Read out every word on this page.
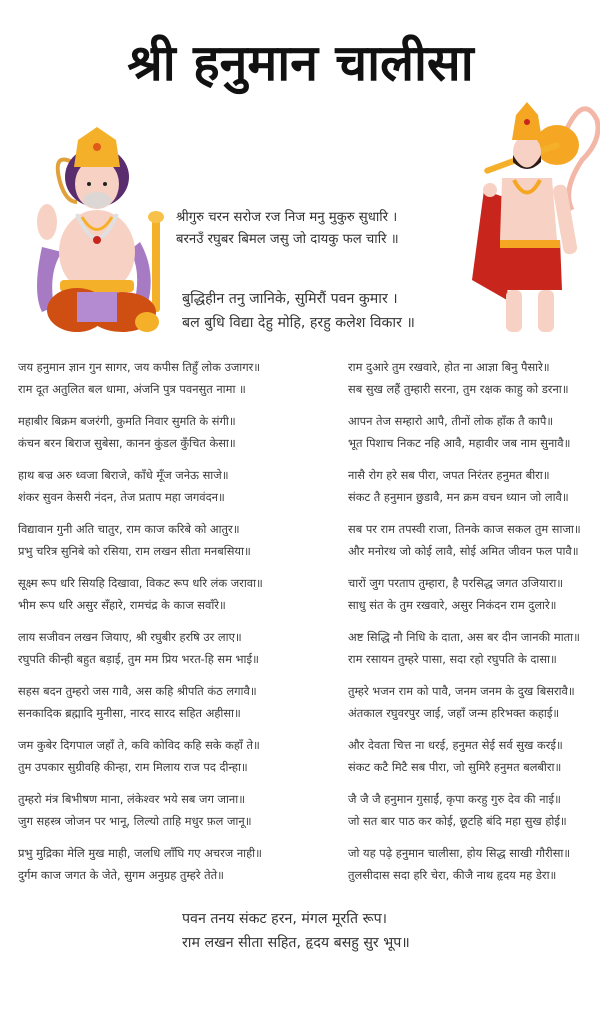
श्री हनुमान चालीसा
श्रीगुरु चरन सरोज रज निज मनु मुकुरु सुधारि ।
बरनउँ रघुबर बिमल जसु जो दायकु फल चारि ॥
बुद्धिहीन तनु जानिके, सुमिरौं पवन कुमार ।
बल बुधि विद्या देहु मोहि, हरहु कलेश विकार ॥
जय हनुमान ज्ञान गुन सागर, जय कपीस तिहुँ लोक उजागर॥
राम दूत अतुलित बल धामा, अंजनि पुत्र पवनसुत नामा ॥
महाबीर बिक्रम बजरंगी, कुमति निवार सुमति के संगी॥
कंचन बरन बिराज सुबेसा, कानन कुंडल कुँचित केसा॥
हाथ बज्र अरु ध्वजा बिराजे, काँधे मूँज जनेऊ साजे॥
शंकर सुवन केसरी नंदन, तेज प्रताप महा जगवंदन॥
विद्यावान गुनी अति चातुर, राम काज करिबे को आतुर॥
प्रभु चरित्र सुनिबे को रसिया, राम लखन सीता मनबसिया॥
सूक्ष्म रूप धरि सियहि दिखावा, विकट रूप धरि लंक जरावा॥
भीम रूप धरि असुर सँहारे, रामचंद्र के काज सवाँरे॥
लाय सजीवन लखन जियाए, श्री रघुबीर हरषि उर लाए॥
रघुपति कीन्ही बहुत बड़ाई, तुम मम प्रिय भरत-हि सम भाई॥
सहस बदन तुम्हरो जस गावै, अस कहि श्रीपति कंठ लगावै॥
सनकादिक ब्रह्मादि मुनीसा, नारद सारद सहित अहीसा॥
जम कुबेर दिगपाल जहाँ ते, कवि कोविद कहि सके कहाँ ते॥
तुम उपकार सुग्रीवहि कीन्हा, राम मिलाय राज पद दीन्हा॥
तुम्हरो मंत्र बिभीषण माना, लंकेश्वर भये सब जग जाना॥
जुग सहस्त्र जोजन पर भानू, लिल्यो ताहि मधुर फ़ल जानू॥
प्रभु मुद्रिका मेलि मुख माही, जलधि लाँघि गए अचरज नाही॥
दुर्गम काज जगत के जेते, सुगम अनुग्रह तुम्हरे तेते॥
राम दुआरे तुम रखवारे, होत ना आज्ञा बिनु पैसारे॥
सब सुख लहैं तुम्हारी सरना, तुम रक्षक काहु को डरना॥
आपन तेज सम्हारो आपै, तीनों लोक हाँक तै कापै॥
भूत पिशाच निकट नहि आवै, महावीर जब नाम सुनावै॥
नासै रोग हरे सब पीरा, जपत निरंतर हनुमत बीरा॥
संकट तै हनुमान छुडावै, मन क्रम वचन ध्यान जो लावै॥
सब पर राम तपस्वी राजा, तिनके काज सकल तुम साजा॥
और मनोरथ जो कोई लावै, सोई अमित जीवन फल पावै॥
चारों जुग परताप तुम्हारा, है परसिद्ध जगत उजियारा॥
साधु संत के तुम रखवारे, असुर निकंदन राम दुलारे॥
अष्ट सिद्धि नौ निधि के दाता, अस बर दीन जानकी माता॥
राम रसायन तुम्हरे पासा, सदा रहो रघुपति के दासा॥
तुम्हरे भजन राम को पावै, जनम जनम के दुख बिसरावै॥
अंतकाल रघुवरपुर जाई, जहाँ जन्म हरिभक्त कहाई॥
और देवता चित्त ना धरई, हनुमत सेई सर्व सुख करई॥
संकट कटै मिटै सब पीरा, जो सुमिरै हनुमत बलबीरा॥
जै जै जै हनुमान गुसाईं, कृपा करहु गुरु देव की नाई॥
जो सत बार पाठ कर कोई, छूटहि बंदि महा सुख होई॥
जो यह पढ़े हनुमान चालीसा, होय सिद्ध साखी गौरीसा॥
तुलसीदास सदा हरि चेरा, कीजै नाथ हृदय मह डेरा॥
पवन तनय संकट हरन, मंगल मूरति रूप।
राम लखन सीता सहित, हृदय बसहु सुर भूप॥
